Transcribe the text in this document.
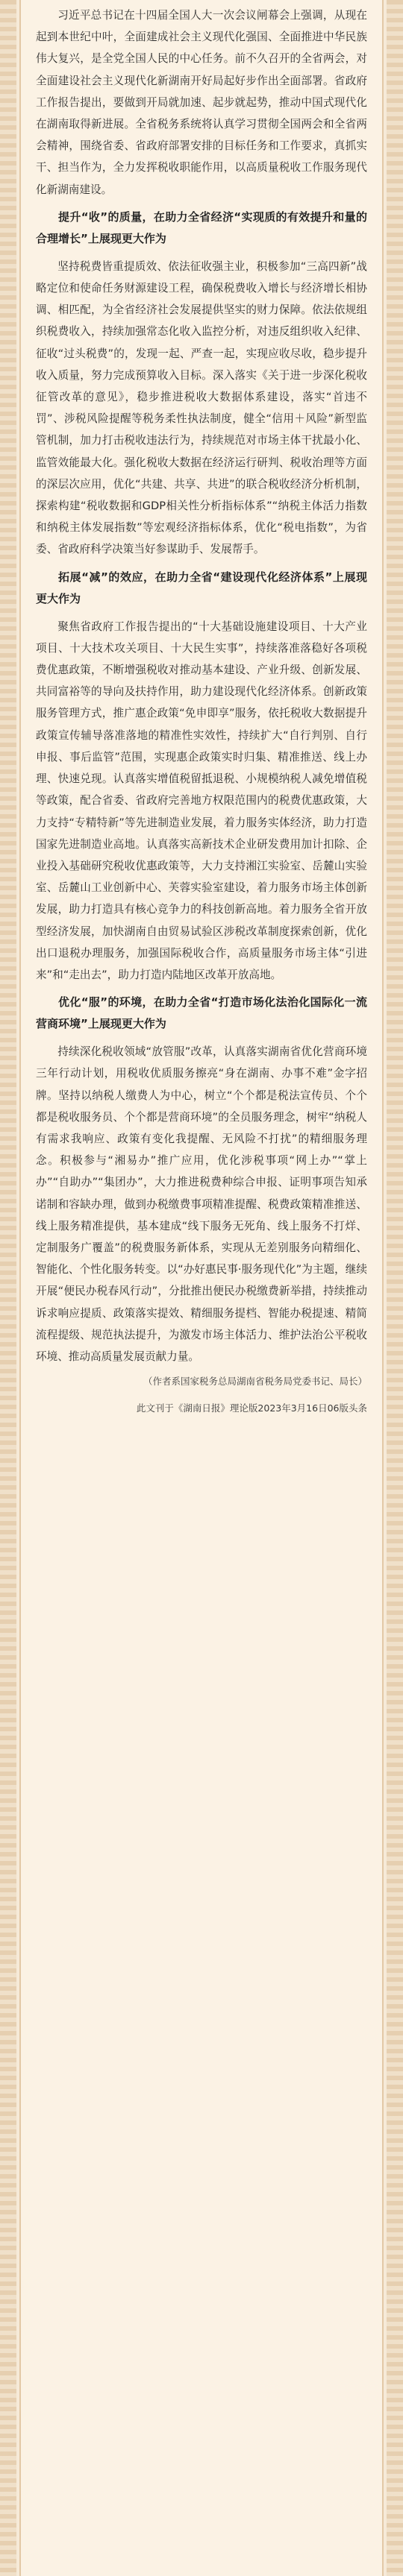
习近平总书记在十四届全国人大一次会议闸幕会上强调，从现在起到本世纪中叶，全面建成社会主义现代化强国、全面推进中华民族伟大复兴，是全党全国人民的中心任务。前不久召开的全省两会，对全面建设社会主义现代化新湖南开好局起好步作出全面部署。省政府工作报告提出，要做到开局就加速、起步就起势，推动中国式现代化在湖南取得新进展。全省税务系统将认真学习贯彻全国两会和全省两会精神，围绕省委、省政府部署安排的目标任务和工作要求，真抓实干、担当作为，全力发挥税收职能作用，以高质量税收工作服务现代化新湖南建设。

提升“收”的质量，在助力全省经济“实现质的有效提升和量的合理增长”上展现更大作为

坚持税费皆重提质效、依法征收强主业，积极参加“三高四新”战略定位和使命任务财源建设工程，确保税费收入增长与经济增长相协调、相匹配，为全省经济社会发展提供坚实的财力保障。依法依规组织税费收入，持续加强常态化收入监控分析，对违反组织收入纪律、征收“过头税费”的，发现一起、严查一起，实现应收尽收，稳步提升收入质量，努力完成预算收入目标。深入落实《关于进一步深化税收征管改革的意见》，稳步推进税收大数据体系建设，落实“首违不罚”、涉税风险提醒等税务柔性执法制度，健全“信用＋风险”新型监管机制，加力打击税收违法行为，持续规范对市场主体干扰最小化、监管效能最大化。强化税收大数据在经济运行研判、税收治理等方面的深层次应用，优化“共建、共享、共进”的联合税收经济分析机制，探索构建“税收数据和GDP相关性分析指标体系”“纳税主体活力指数和纳税主体发展指数”等宏观经济指标体系，优化“税电指数”，为省委、省政府科学决策当好参谋助手、发展帮手。

拓展“减”的效应，在助力全省“建设现代化经济体系”上展现更大作为

聚焦省政府工作报告提出的“十大基础设施建设项目、十大产业项目、十大技术攻关项目、十大民生实事”，持续落准落稳好各项税费优惠政策，不断增强税收对推动基本建设、产业升级、创新发展、共同富裕等的导向及扶持作用，助力建设现代化经济体系。创新政策服务管理方式，推广惠企政策“免申即享”服务，依托税收大数据提升政策宣传辅导落准落地的精准性实效性，持续扩大“自行判别、自行申报、事后监管”范围，实现惠企政策实时归集、精准推送、线上办理、快速兑现。认真落实增值税留抵退税、小规模纳税人减免增值税等政策，配合省委、省政府完善地方权限范围内的税费优惠政策，大力支持“专精特新”等先进制造业发展，着力服务实体经济，助力打造国家先进制造业高地。认真落实高新技术企业研发费用加计扣除、企业投入基础研究税收优惠政策等，大力支持湘江实验室、岳麓山实验室、岳麓山工业创新中心、芙蓉实验室建设，着力服务市场主体创新发展，助力打造具有核心竞争力的科技创新高地。着力服务全省开放型经济发展，加快湖南自由贸易试验区涉税改革制度探索创新，优化出口退税办理服务，加强国际税收合作，高质量服务市场主体“引进来”和“走出去”，助力打造内陆地区改革开放高地。

优化“服”的环境，在助力全省“打造市场化法治化国际化一流营商环境”上展现更大作为

持续深化税收领域“放管服”改革，认真落实湖南省优化营商环境三年行动计划，用税收优质服务擦亮“身在湖南、办事不难”金字招牌。坚持以纳税人缴费人为中心，树立“个个都是税法宣传员、个个都是税收服务员、个个都是营商环境”的全员服务理念，树牢“纳税人有需求我响应、政策有变化我提醒、无风险不打扰”的精细服务理念。积极参与“湘易办”推广应用，优化涉税事项“网上办”“掌上办”“自助办”“集团办”，大力推进税费种综合申报、证明事项告知承诺制和容缺办理，做到办税缴费事项精准提醒、税费政策精准推送、线上服务精准提供，基本建成“线下服务无死角、线上服务不打烊、定制服务广覆盖”的税费服务新体系，实现从无差别服务向精细化、智能化、个性化服务转变。以“办好惠民事·服务现代化”为主题，继续开展“便民办税春风行动”，分批推出便民办税缴费新举措，持续推动诉求响应提质、政策落实提效、精细服务提档、智能办税提速、精简流程提级、规范执法提升，为激发市场主体活力、维护法治公平税收环境、推动高质量发展贡献力量。

（作者系国家税务总局湖南省税务局党委书记、局长）

此文刊于《湖南日报》理论版2023年3月16日06版头条
